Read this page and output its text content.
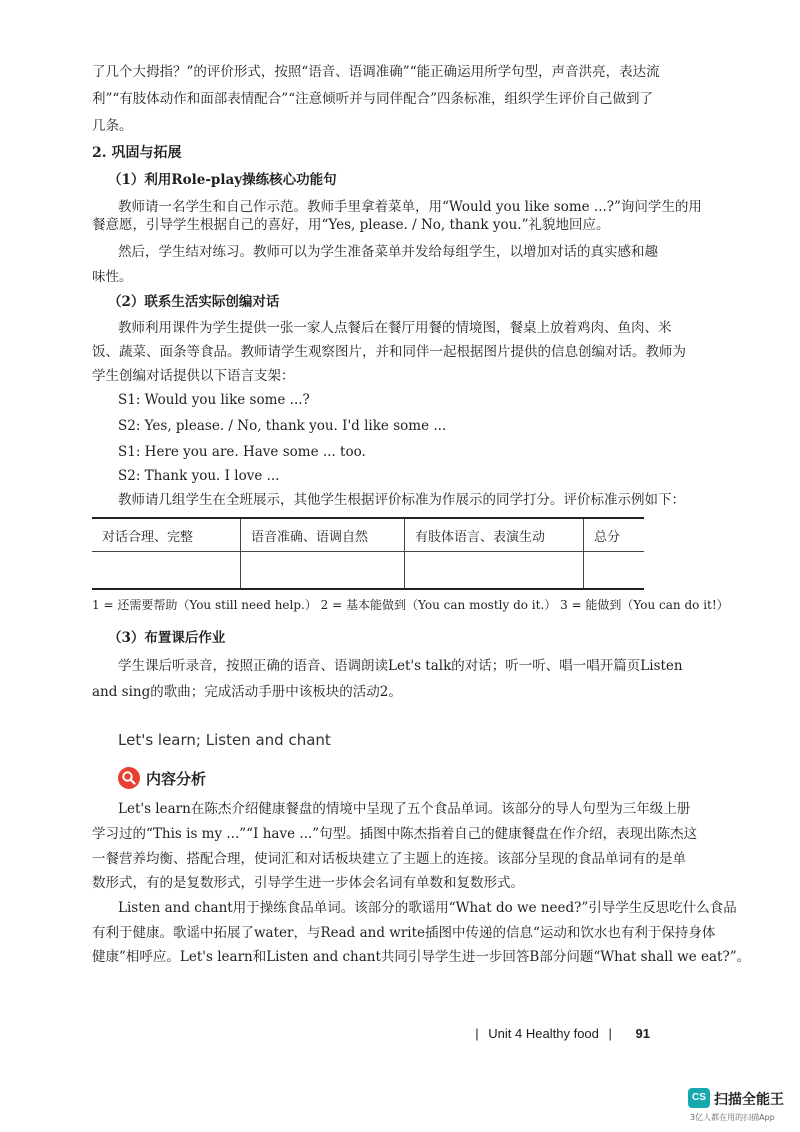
了几个大拇指？”的评价形式，按照“语音、语调准确”“能正确运用所学句型，声音洪亮，表达流
利”“有肢体动作和面部表情配合”“注意倾听并与同伴配合”四条标准，组织学生评价自己做到了
几条。
2. 巩固与拓展
（1）利用Role-play操练核心功能句
教师请一名学生和自己作示范。教师手里拿着菜单，用“Would you like some ...?”询问学生的用
餐意愿，引导学生根据自己的喜好，用“Yes, please. / No, thank you.”礼貌地回应。
然后，学生结对练习。教师可以为学生准备菜单并发给每组学生，以增加对话的真实感和趣
味性。
（2）联系生活实际创编对话
教师利用课件为学生提供一张一家人点餐后在餐厅用餐的情境图，餐桌上放着鸡肉、鱼肉、米
饭、蔬菜、面条等食品。教师请学生观察图片，并和同伴一起根据图片提供的信息创编对话。教师为
学生创编对话提供以下语言支架：
S1: Would you like some ...?
S2: Yes, please. / No, thank you. I'd like some ...
S1: Here you are. Have some ... too.
S2: Thank you. I love ...
教师请几组学生在全班展示，其他学生根据评价标准为作展示的同学打分。评价标准示例如下：
对话合理、完整	语音准确、语调自然	有肢体语言、表演生动	总分

1 = 还需要帮助（You still need help.） 2 = 基本能做到（You can mostly do it.） 3 = 能做到（You can do it!）
（3）布置课后作业
学生课后听录音，按照正确的语音、语调朗读Let's talk的对话；听一听、唱一唱开篇页Listen
and sing的歌曲；完成活动手册中该板块的活动2。
Let's learn; Listen and chant
内容分析
Let's learn在陈杰介绍健康餐盘的情境中呈现了五个食品单词。该部分的导人句型为三年级上册
学习过的“This is my ...”“I have ...”句型。插图中陈杰指着自己的健康餐盘在作介绍，表现出陈杰这
一餐营养均衡、搭配合理，使词汇和对话板块建立了主题上的连接。该部分呈现的食品单词有的是单
数形式，有的是复数形式，引导学生进一步体会名词有单数和复数形式。
Listen and chant用于操练食品单词。该部分的歌谣用“What do we need?”引导学生反思吃什么食品
有利于健康。歌谣中拓展了water，与Read and write插图中传递的信息“运动和饮水也有利于保持身体
健康”相呼应。Let's learn和Listen and chant共同引导学生进一步回答B部分问题“What shall we eat?”。
| Unit 4 Healthy food | 91
CS 扫描全能王
3亿人都在用的扫描App
